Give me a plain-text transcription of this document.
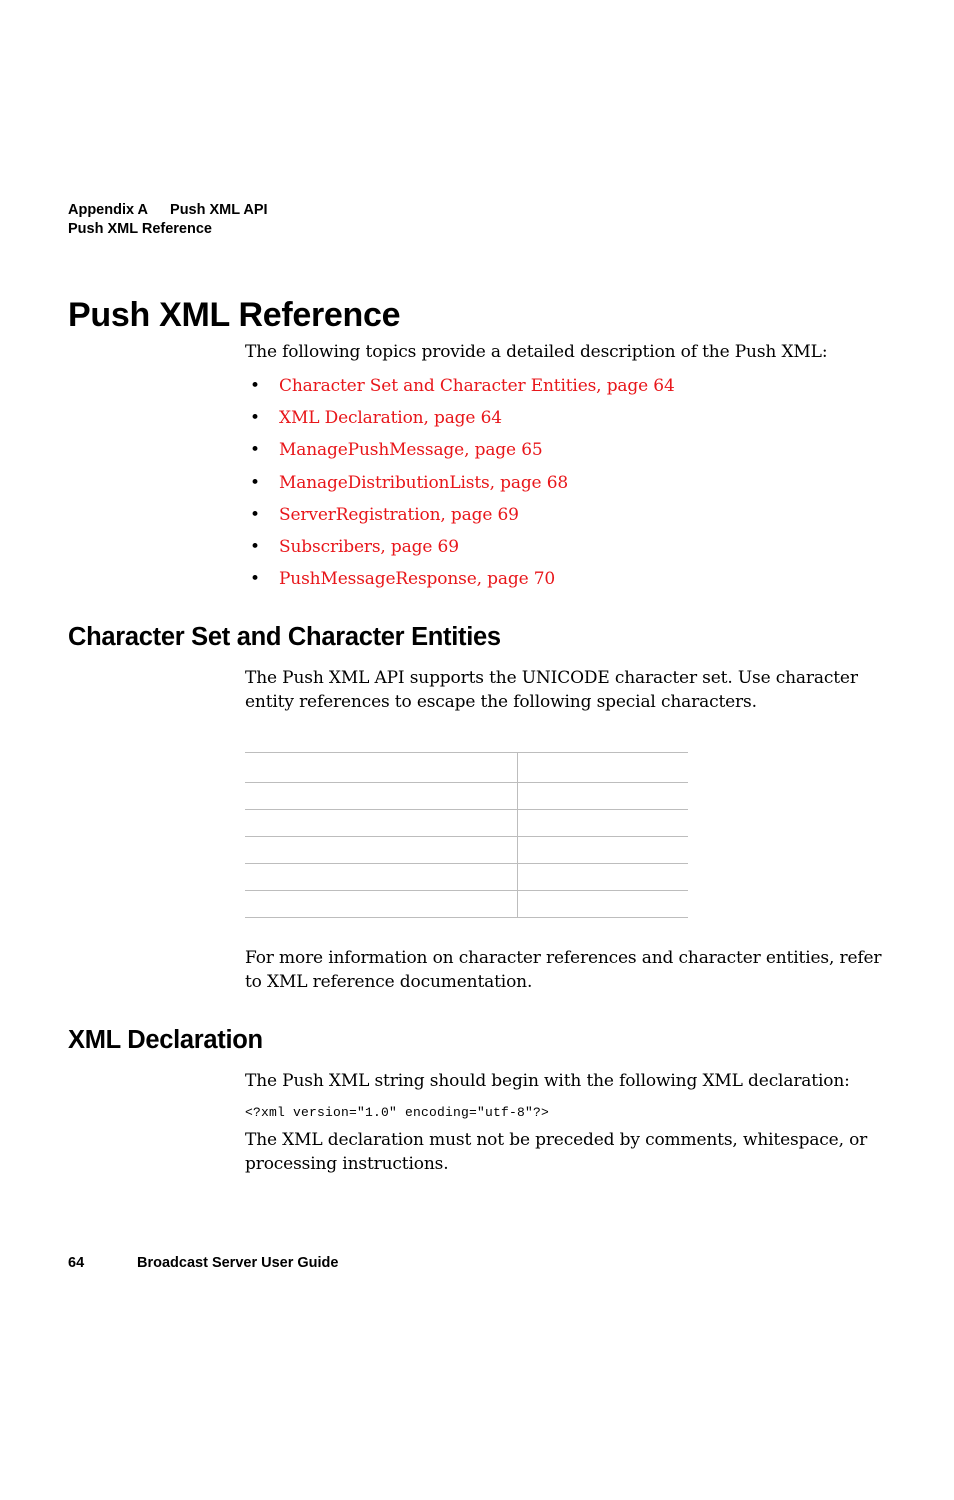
Appendix A Push XML API
Push XML Reference
Push XML Reference
The following topics provide a detailed description of the Push XML:
• Character Set and Character Entities, page 64
• XML Declaration, page 64
• ManagePushMessage, page 65
• ManageDistributionLists, page 68
• ServerRegistration, page 69
• Subscribers, page 69
• PushMessageResponse, page 70
Character Set and Character Entities
The Push XML API supports the UNICODE character set. Use character entity references to escape the following special characters.

For more information on character references and character entities, refer to XML reference documentation.
XML Declaration
The Push XML string should begin with the following XML declaration:
<?xml version="1.0" encoding="utf-8"?>
The XML declaration must not be preceded by comments, whitespace, or processing instructions.
64	Broadcast Server User Guide
